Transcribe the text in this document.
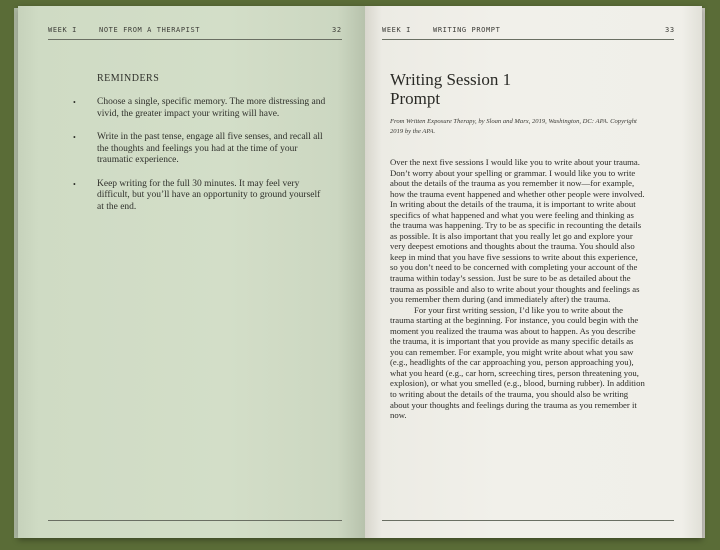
WEEK I	NOTE FROM A THERAPIST	32
REMINDERS
• Choose a single, specific memory. The more distressing and vivid, the greater impact your writing will have.
• Write in the past tense, engage all five senses, and recall all the thoughts and feelings you had at the time of your traumatic experience.
• Keep writing for the full 30 minutes. It may feel very difficult, but you’ll have an opportunity to ground yourself at the end.
WEEK I	WRITING PROMPT	33
Writing Session 1
Prompt

From Written Exposure Therapy, by Sloan and Marx, 2019, Washington, DC: APA. Copyright 2019 by the APA.

Over the next five sessions I would like you to write about your trauma. Don’t worry about your spelling or grammar. I would like you to write about the details of the trauma as you remember it now—for example, how the trauma event happened and whether other people were involved. In writing about the details of the trauma, it is important to write about specifics of what happened and what you were feeling and thinking as the trauma was happening. Try to be as specific in recounting the details as possible. It is also important that you really let go and explore your very deepest emotions and thoughts about the trauma. You should also keep in mind that you have five sessions to write about this experience, so you don’t need to be concerned with completing your account of the trauma within today’s session. Just be sure to be as detailed about the trauma as possible and also to write about your thoughts and feelings as you remember them during (and immediately after) the trauma.

For your first writing session, I’d like you to write about the trauma starting at the beginning. For instance, you could begin with the moment you realized the trauma was about to happen. As you describe the trauma, it is important that you provide as many specific details as you can remember. For example, you might write about what you saw (e.g., headlights of the car approaching you, person approaching you), what you heard (e.g., car horn, screeching tires, person threatening you, explosion), or what you smelled (e.g., blood, burning rubber). In addition to writing about the details of the trauma, you should also be writing about your thoughts and feelings during the trauma as you remember it now.
